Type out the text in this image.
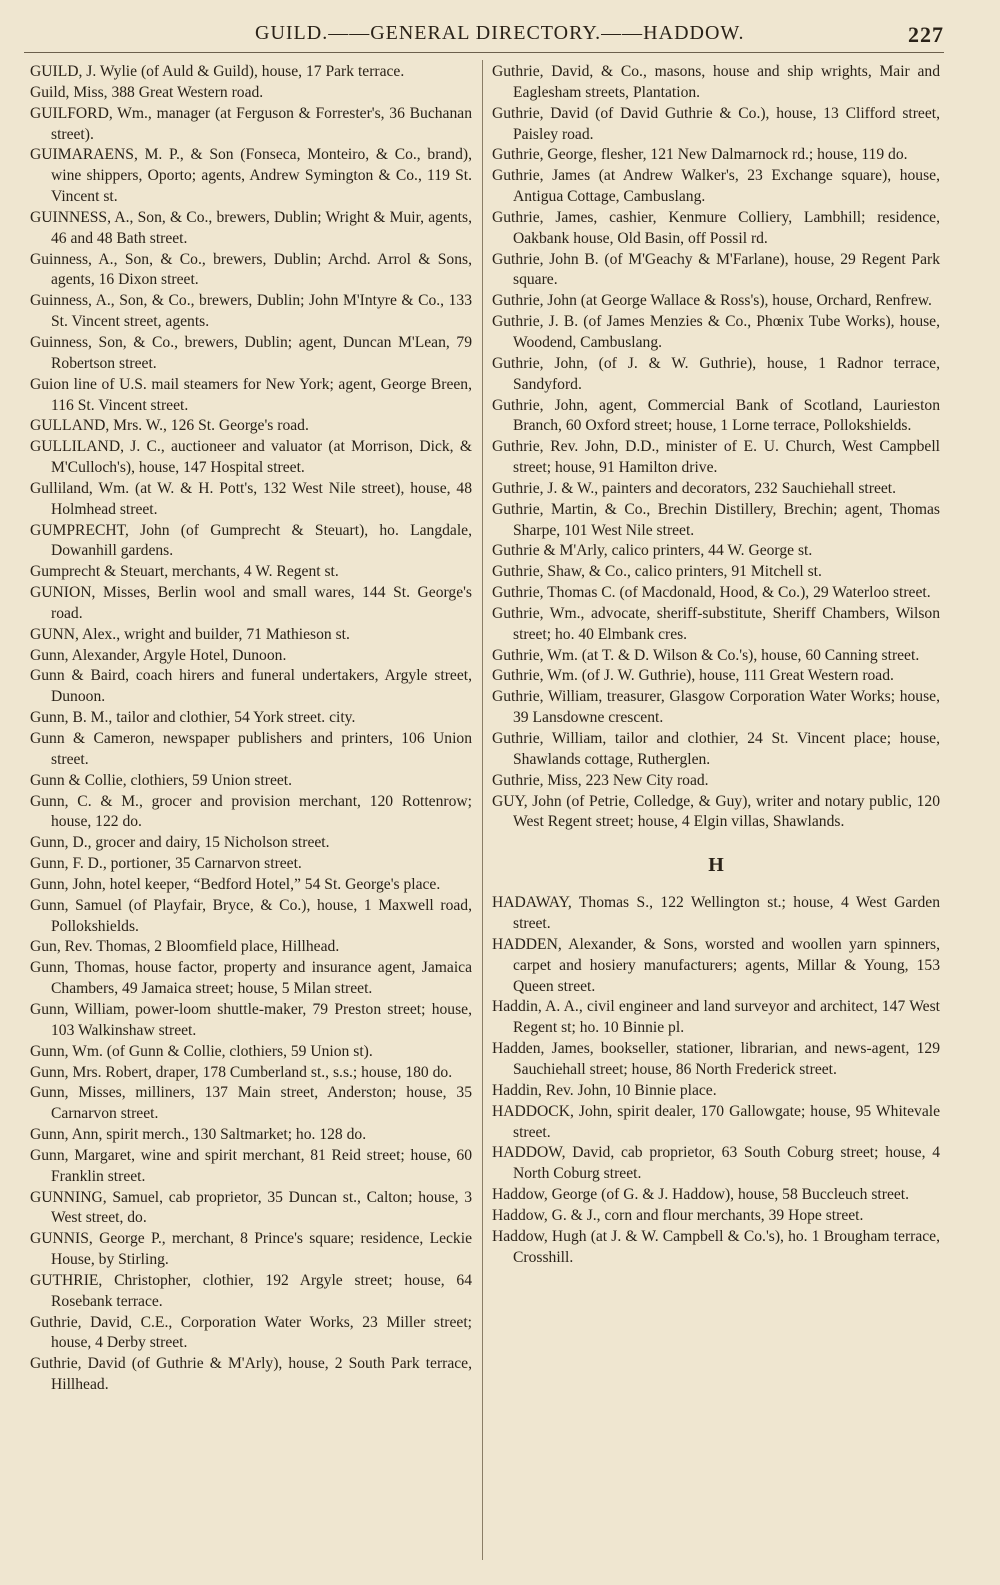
GUILD.——GENERAL DIRECTORY.——HADDOW.	227

GUILD, J. Wylie (of Auld & Guild), house, 17 Park terrace.

Guild, Miss, 388 Great Western road.

GUILFORD, Wm., manager (at Ferguson & Forrester's, 36 Buchanan street).

GUIMARAENS, M. P., & Son (Fonseca, Monteiro, & Co., brand), wine shippers, Oporto; agents, Andrew Symington & Co., 119 St. Vincent st.

GUINNESS, A., Son, & Co., brewers, Dublin; Wright & Muir, agents, 46 and 48 Bath street.

Guinness, A., Son, & Co., brewers, Dublin; Archd. Arrol & Sons, agents, 16 Dixon street.

Guinness, A., Son, & Co., brewers, Dublin; John M'Intyre & Co., 133 St. Vincent street, agents.

Guinness, Son, & Co., brewers, Dublin; agent, Duncan M'Lean, 79 Robertson street.

Guion line of U.S. mail steamers for New York; agent, George Breen, 116 St. Vincent street.

GULLAND, Mrs. W., 126 St. George's road.

GULLILAND, J. C., auctioneer and valuator (at Morrison, Dick, & M'Culloch's), house, 147 Hospital street.

Gulliland, Wm. (at W. & H. Pott's, 132 West Nile street), house, 48 Holmhead street.

GUMPRECHT, John (of Gumprecht & Steuart), ho. Langdale, Dowanhill gardens.

Gumprecht & Steuart, merchants, 4 W. Regent st.

GUNION, Misses, Berlin wool and small wares, 144 St. George's road.

GUNN, Alex., wright and builder, 71 Mathieson st.

Gunn, Alexander, Argyle Hotel, Dunoon.

Gunn & Baird, coach hirers and funeral undertakers, Argyle street, Dunoon.

Gunn, B. M., tailor and clothier, 54 York street. city.

Gunn & Cameron, newspaper publishers and printers, 106 Union street.

Gunn & Collie, clothiers, 59 Union street.

Gunn, C. & M., grocer and provision merchant, 120 Rottenrow; house, 122 do.

Gunn, D., grocer and dairy, 15 Nicholson street.

Gunn, F. D., portioner, 35 Carnarvon street.

Gunn, John, hotel keeper, “Bedford Hotel,” 54 St. George's place.

Gunn, Samuel (of Playfair, Bryce, & Co.), house, 1 Maxwell road, Pollokshields.

Gun, Rev. Thomas, 2 Bloomfield place, Hillhead.

Gunn, Thomas, house factor, property and insurance agent, Jamaica Chambers, 49 Jamaica street; house, 5 Milan street.

Gunn, William, power-loom shuttle-maker, 79 Preston street; house, 103 Walkinshaw street.

Gunn, Wm. (of Gunn & Collie, clothiers, 59 Union st).

Gunn, Mrs. Robert, draper, 178 Cumberland st., s.s.; house, 180 do.

Gunn, Misses, milliners, 137 Main street, Anderston; house, 35 Carnarvon street.

Gunn, Ann, spirit merch., 130 Saltmarket; ho. 128 do.

Gunn, Margaret, wine and spirit merchant, 81 Reid street; house, 60 Franklin street.

GUNNING, Samuel, cab proprietor, 35 Duncan st., Calton; house, 3 West street, do.

GUNNIS, George P., merchant, 8 Prince's square; residence, Leckie House, by Stirling.

GUTHRIE, Christopher, clothier, 192 Argyle street; house, 64 Rosebank terrace.

Guthrie, David, C.E., Corporation Water Works, 23 Miller street; house, 4 Derby street.

Guthrie, David (of Guthrie & M'Arly), house, 2 South Park terrace, Hillhead.

Guthrie, David, & Co., masons, house and ship wrights, Mair and Eaglesham streets, Plantation.

Guthrie, David (of David Guthrie & Co.), house, 13 Clifford street, Paisley road.

Guthrie, George, flesher, 121 New Dalmarnock rd.; house, 119 do.

Guthrie, James (at Andrew Walker's, 23 Exchange square), house, Antigua Cottage, Cambuslang.

Guthrie, James, cashier, Kenmure Colliery, Lambhill; residence, Oakbank house, Old Basin, off Possil rd.

Guthrie, John B. (of M'Geachy & M'Farlane), house, 29 Regent Park square.

Guthrie, John (at George Wallace & Ross's), house, Orchard, Renfrew.

Guthrie, J. B. (of James Menzies & Co., Phœnix Tube Works), house, Woodend, Cambuslang.

Guthrie, John, (of J. & W. Guthrie), house, 1 Radnor terrace, Sandyford.

Guthrie, John, agent, Commercial Bank of Scotland, Laurieston Branch, 60 Oxford street; house, 1 Lorne terrace, Pollokshields.

Guthrie, Rev. John, D.D., minister of E. U. Church, West Campbell street; house, 91 Hamilton drive.

Guthrie, J. & W., painters and decorators, 232 Sauchiehall street.

Guthrie, Martin, & Co., Brechin Distillery, Brechin; agent, Thomas Sharpe, 101 West Nile street.

Guthrie & M'Arly, calico printers, 44 W. George st.

Guthrie, Shaw, & Co., calico printers, 91 Mitchell st.

Guthrie, Thomas C. (of Macdonald, Hood, & Co.), 29 Waterloo street.

Guthrie, Wm., advocate, sheriff-substitute, Sheriff Chambers, Wilson street; ho. 40 Elmbank cres.

Guthrie, Wm. (at T. & D. Wilson & Co.'s), house, 60 Canning street.

Guthrie, Wm. (of J. W. Guthrie), house, 111 Great Western road.

Guthrie, William, treasurer, Glasgow Corporation Water Works; house, 39 Lansdowne crescent.

Guthrie, William, tailor and clothier, 24 St. Vincent place; house, Shawlands cottage, Rutherglen.

Guthrie, Miss, 223 New City road.

GUY, John (of Petrie, Colledge, & Guy), writer and notary public, 120 West Regent street; house, 4 Elgin villas, Shawlands.

H

HADAWAY, Thomas S., 122 Wellington st.; house, 4 West Garden street.

HADDEN, Alexander, & Sons, worsted and woollen yarn spinners, carpet and hosiery manufacturers; agents, Millar & Young, 153 Queen street.

Haddin, A. A., civil engineer and land surveyor and architect, 147 West Regent st; ho. 10 Binnie pl.

Hadden, James, bookseller, stationer, librarian, and news-agent, 129 Sauchiehall street; house, 86 North Frederick street.

Haddin, Rev. John, 10 Binnie place.

HADDOCK, John, spirit dealer, 170 Gallowgate; house, 95 Whitevale street.

HADDOW, David, cab proprietor, 63 South Coburg street; house, 4 North Coburg street.

Haddow, George (of G. & J. Haddow), house, 58 Buccleuch street.

Haddow, G. & J., corn and flour merchants, 39 Hope street.

Haddow, Hugh (at J. & W. Campbell & Co.'s), ho. 1 Brougham terrace, Crosshill.
